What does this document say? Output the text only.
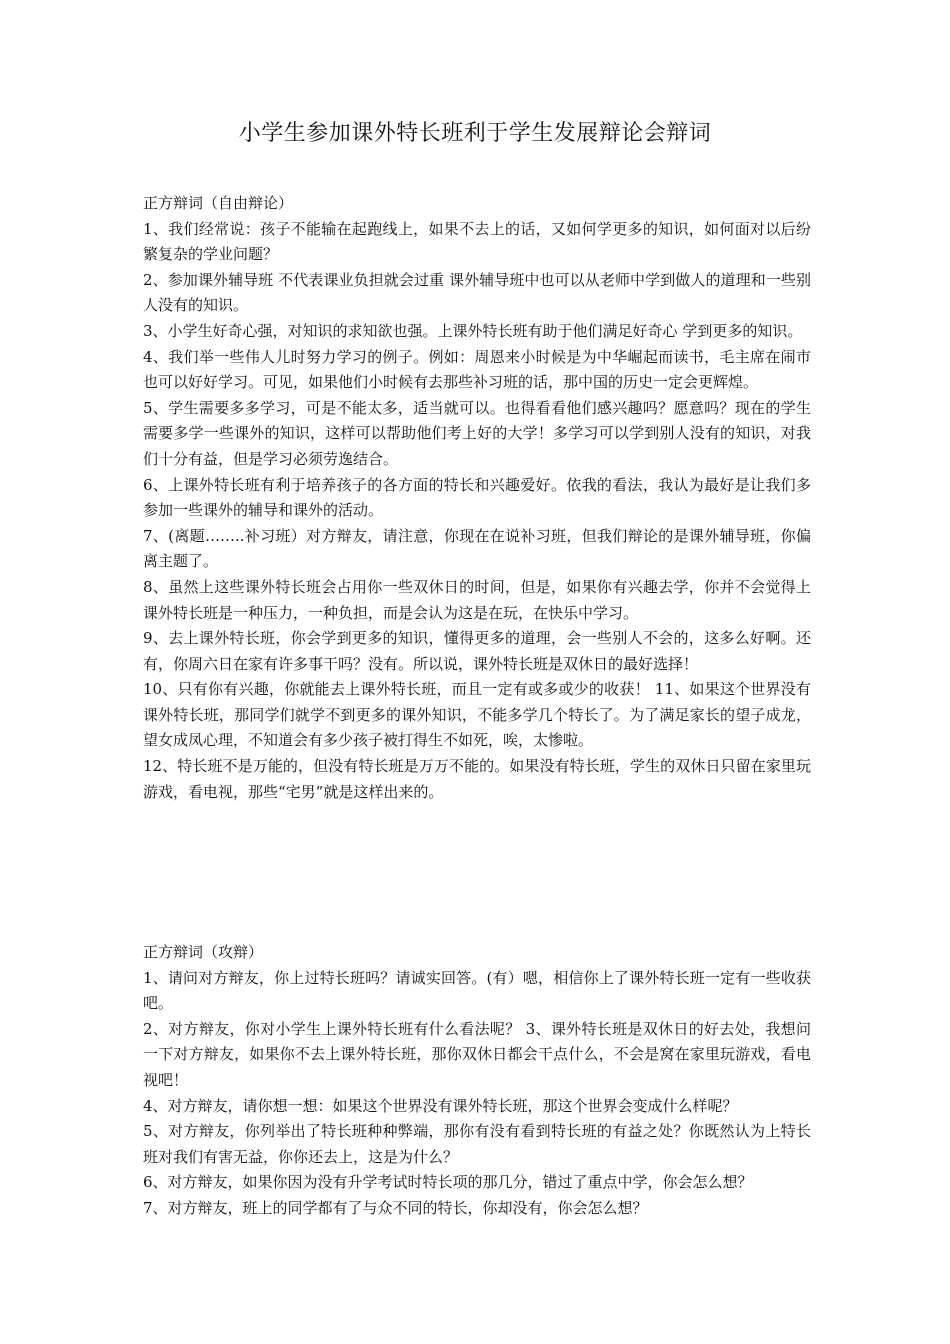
小学生参加课外特长班利于学生发展辩论会辩词

正方辩词（自由辩论）

1、我们经常说：孩子不能输在起跑线上，如果不去上的话，又如何学更多的知识，如何面对以后纷繁复杂的学业问题？

2、参加课外辅导班 不代表课业负担就会过重 课外辅导班中也可以从老师中学到做人的道理和一些别人没有的知识。

3、小学生好奇心强，对知识的求知欲也强。上课外特长班有助于他们满足好奇心 学到更多的知识。

4、我们举一些伟人儿时努力学习的例子。例如：周恩来小时候是为中华崛起而读书，毛主席在闹市也可以好好学习。可见，如果他们小时候有去那些补习班的话，那中国的历史一定会更辉煌。

5、学生需要多多学习，可是不能太多，适当就可以。也得看看他们感兴趣吗？愿意吗？现在的学生需要多学一些课外的知识，这样可以帮助他们考上好的大学！多学习可以学到别人没有的知识，对我们十分有益，但是学习必须劳逸结合。

6、上课外特长班有利于培养孩子的各方面的特长和兴趣爱好。依我的看法，我认为最好是让我们多参加一些课外的辅导和课外的活动。

7、(离题……..补习班）对方辩友，请注意，你现在在说补习班，但我们辩论的是课外辅导班，你偏离主题了。

8、虽然上这些课外特长班会占用你一些双休日的时间，但是，如果你有兴趣去学，你并不会觉得上课外特长班是一种压力，一种负担，而是会认为这是在玩，在快乐中学习。

9、去上课外特长班，你会学到更多的知识，懂得更多的道理，会一些别人不会的，这多么好啊。还有，你周六日在家有许多事干吗？没有。所以说，课外特长班是双休日的最好选择！

10、只有你有兴趣，你就能去上课外特长班，而且一定有或多或少的收获！ 11、如果这个世界没有课外特长班，那同学们就学不到更多的课外知识，不能多学几个特长了。为了满足家长的望子成龙，望女成凤心理，不知道会有多少孩子被打得生不如死，唉，太惨啦。

12、特长班不是万能的，但没有特长班是万万不能的。如果没有特长班，学生的双休日只留在家里玩游戏，看电视，那些“宅男”就是这样出来的。

正方辩词（攻辩）

1、请问对方辩友，你上过特长班吗？请诚实回答。(有）嗯，相信你上了课外特长班一定有一些收获吧。

2、对方辩友，你对小学生上课外特长班有什么看法呢？ 3、课外特长班是双休日的好去处，我想问一下对方辩友，如果你不去上课外特长班，那你双休日都会干点什么，不会是窝在家里玩游戏，看电视吧！

4、对方辩友，请你想一想：如果这个世界没有课外特长班，那这个世界会变成什么样呢？

5、对方辩友，你列举出了特长班种种弊端，那你有没有看到特长班的有益之处？你既然认为上特长班对我们有害无益，你你还去上，这是为什么？

6、对方辩友，如果你因为没有升学考试时特长项的那几分，错过了重点中学，你会怎么想？

7、对方辩友，班上的同学都有了与众不同的特长，你却没有，你会怎么想？
